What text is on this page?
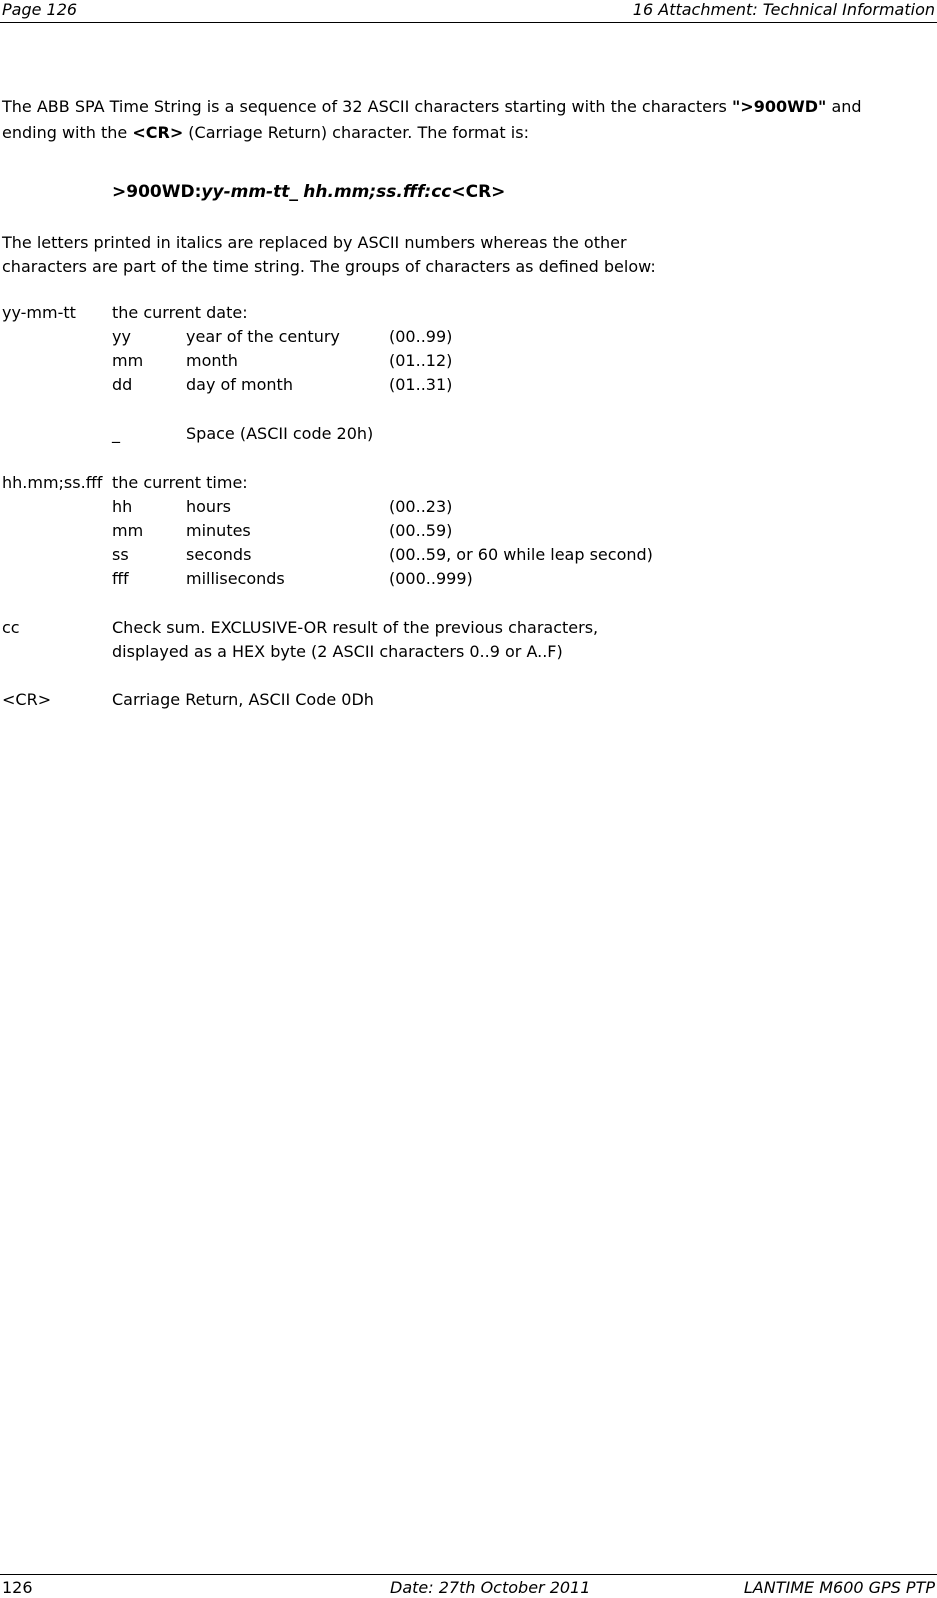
Page 126	16 Attachment: Technical Information
The ABB SPA Time String is a sequence of 32 ASCII characters starting with the characters ">900WD" and
ending with the <CR> (Carriage Return) character. The format is:
>900WD:yy-mm-tt_ hh.mm;ss.fff:cc<CR>
The letters printed in italics are replaced by ASCII numbers whereas the other
characters are part of the time string. The groups of characters as defined below:
yy-mm-tt the current date:
yy	year of the century	(00..99)
mm	month	(01..12)
dd	day of month	(01..31)
_	Space (ASCII code 20h)
hh.mm;ss.fff the current time:
hh	hours	(00..23)
mm	minutes	(00..59)
ss	seconds	(00..59, or 60 while leap second)
fff	milliseconds	(000..999)
cc	Check sum. EXCLUSIVE-OR result of the previous characters,
displayed as a HEX byte (2 ASCII characters 0..9 or A..F)
<CR>	Carriage Return, ASCII Code 0Dh
126	Date: 27th October 2011	LANTIME M600 GPS PTP
